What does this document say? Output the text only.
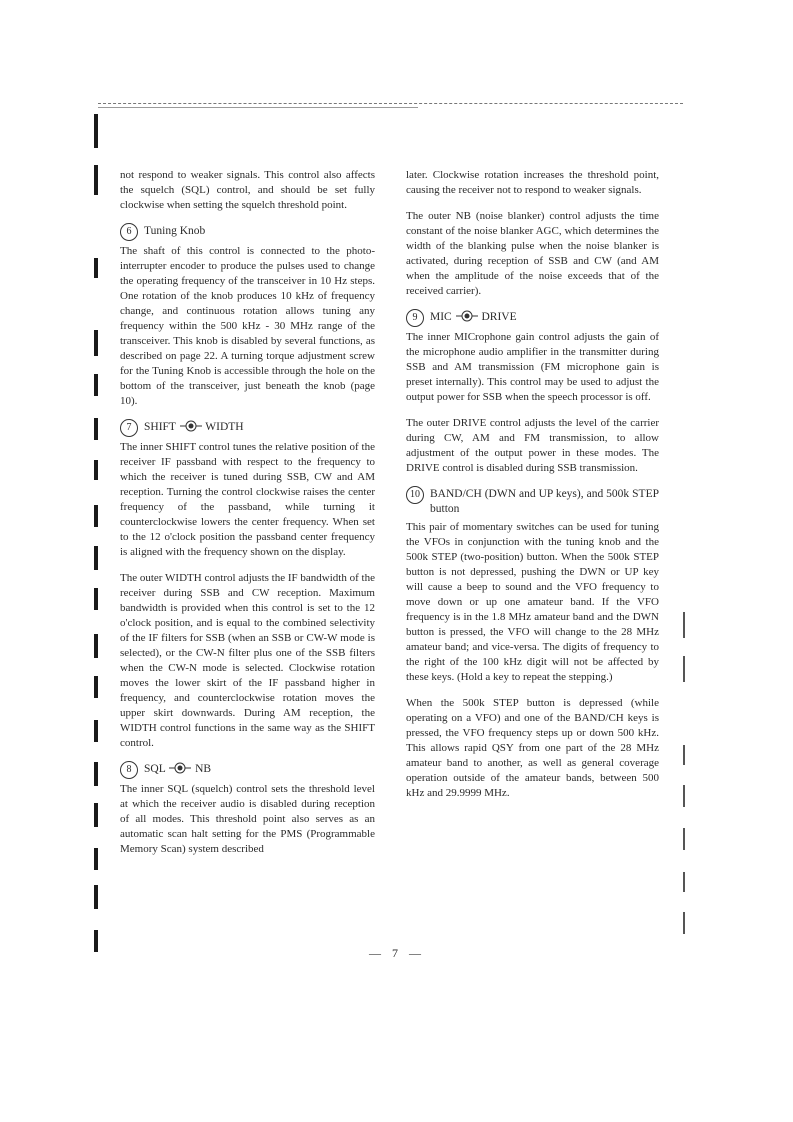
not respond to weaker signals. This control also affects the squelch (SQL) control, and should be set fully clockwise when setting the squelch threshold point.

6	Tuning Knob

The shaft of this control is connected to the photo-interrupter encoder to produce the pulses used to change the operating frequency of the transceiver in 10 Hz steps. One rotation of the knob produces 10 kHz of frequency change, and continuous rotation allows tuning any frequency within the 500 kHz - 30 MHz range of the transceiver. This knob is disabled by several functions, as described on page 22. A turning torque adjustment screw for the Tuning Knob is accessible through the hole on the bottom of the transceiver, just beneath the knob (page 10).

7	SHIFT	WIDTH

The inner SHIFT control tunes the relative position of the receiver IF passband with respect to the frequency to which the receiver is tuned during SSB, CW and AM reception. Turning the control clockwise raises the center frequency of the passband, while turning it counterclockwise lowers the center frequency. When set to the 12 o'clock position the passband center frequency is aligned with the frequency shown on the display.

The outer WIDTH control adjusts the IF bandwidth of the receiver during SSB and CW reception. Maximum bandwidth is provided when this control is set to the 12 o'clock position, and is equal to the combined selectivity of the IF filters for SSB (when an SSB or CW-W mode is selected), or the CW-N filter plus one of the SSB filters when the CW-N mode is selected. Clockwise rotation moves the lower skirt of the IF passband higher in frequency, and counterclockwise rotation moves the upper skirt downwards. During AM reception, the WIDTH control functions in the same way as the SHIFT control.

8	SQL	NB

The inner SQL (squelch) control sets the threshold level at which the receiver audio is disabled during reception of all modes. This threshold point also serves as an automatic scan halt setting for the PMS (Programmable Memory Scan) system described

later. Clockwise rotation increases the threshold point, causing the receiver not to respond to weaker signals.

The outer NB (noise blanker) control adjusts the time constant of the noise blanker AGC, which determines the width of the blanking pulse when the noise blanker is activated, during reception of SSB and CW (and AM when the amplitude of the noise exceeds that of the received carrier).

9	MIC	DRIVE

The inner MICrophone gain control adjusts the gain of the microphone audio amplifier in the transmitter during SSB and AM transmission (FM microphone gain is preset internally). This control may be used to adjust the output power for SSB when the speech processor is off.

The outer DRIVE control adjusts the level of the carrier during CW, AM and FM transmission, to allow adjustment of the output power in these modes. The DRIVE control is disabled during SSB transmission.

10 BAND/CH (DWN and UP keys), and 500k STEP button

This pair of momentary switches can be used for tuning the VFOs in conjunction with the tuning knob and the 500k STEP (two-position) button. When the 500k STEP button is not depressed, pushing the DWN or UP key will cause a beep to sound and the VFO frequency to move down or up one amateur band. If the VFO frequency is in the 1.8 MHz amateur band and the DWN button is pressed, the VFO will change to the 28 MHz amateur band; and vice-versa. The digits of frequency to the right of the 100 kHz digit will not be affected by these keys. (Hold a key to repeat the stepping.)

When the 500k STEP button is depressed (while operating on a VFO) and one of the BAND/CH keys is pressed, the VFO frequency steps up or down 500 kHz. This allows rapid QSY from one part of the 28 MHz amateur band to another, as well as general coverage operation outside of the amateur bands, between 500 kHz and 29.9999 MHz.

— 7 —
